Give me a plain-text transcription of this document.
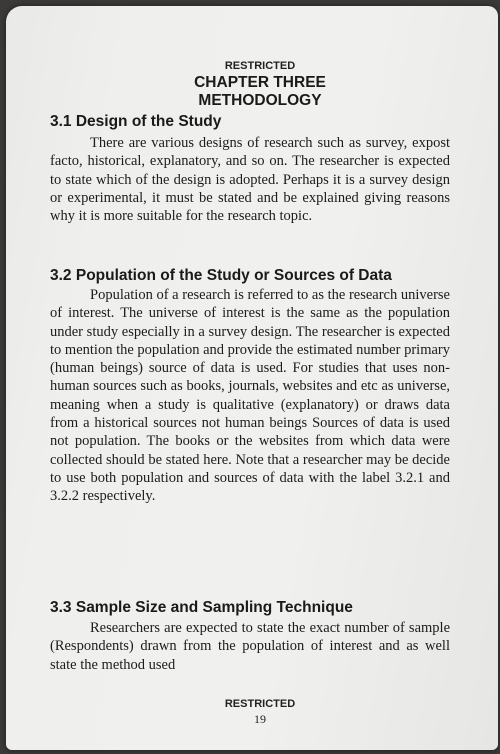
RESTRICTED
CHAPTER THREE
METHODOLOGY
3.1 Design of the Study
There are various designs of research such as survey, expost facto, historical, explanatory, and so on. The researcher is expected to state which of the design is adopted. Perhaps it is a survey design or experimental, it must be stated and be explained giving reasons why it is more suitable for the research topic.
3.2 Population of the Study or Sources of Data
Population of a research is referred to as the research universe of interest. The universe of interest is the same as the population under study especially in a survey design. The researcher is expected to mention the population and provide the estimated number primary (human beings) source of data is used. For studies that uses non-human sources such as books, journals, websites and etc as universe, meaning when a study is qualitative (explanatory) or draws data from a historical sources not human beings Sources of data is used not population. The books or the websites from which data were collected should be stated here. Note that a researcher may be decide to use both population and sources of data with the label 3.2.1 and 3.2.2 respectively.
3.3 Sample Size and Sampling Technique
Researchers are expected to state the exact number of sample (Respondents) drawn from the population of interest and as well state the method used
RESTRICTED
19
